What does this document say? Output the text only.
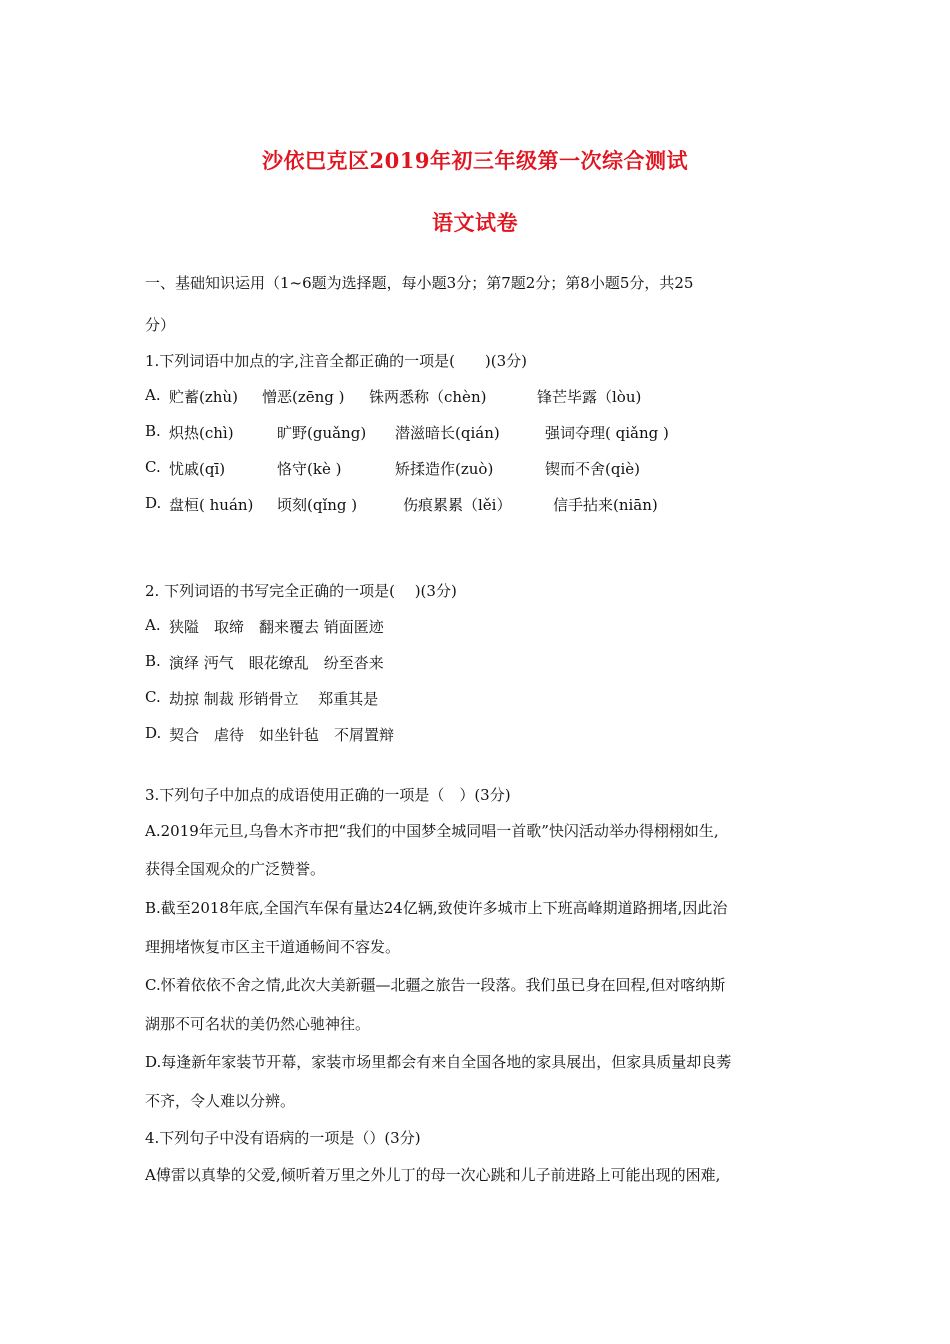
沙依巴克区2019年初三年级第一次综合测试
语文试卷
一、基础知识运用（1~6题为选择题，每小题3分；第7题2分；第8小题5分，共25
分）
1.下列词语中加点的字,注音全都正确的一项是(　　)(3分)
A. 贮蓄(zhù) 憎恶(zēng ) 铢两悉称（chèn)	锋芒毕露（lòu)
B. 炽热(chì)	旷野(guǎng) 潜滋暗长(qián)	强词夺理( qiǎng )
C. 忧戚(qī)	恪守(kè )	矫揉造作(zuò)	锲而不舍(qiè)
D. 盘桓( huán) 顷刻(qǐng )	伤痕累累（lěi）	信手拈来(niān)
2. 下列词语的书写完全正确的一项是(　 )(3分)
A. 狭隘　取缔　翻来覆去 销面匿迹
B. 演绎 沔气　眼花缭乱　纷至沓来
C. 劫掠 制裁 形销骨立　 郑重其是
D. 契合　虐待　如坐针毡　不屑置辩
3.下列句子中加点的成语使用正确的一项是（　）(3分)
A.2019年元旦,乌鲁木齐市把“我们的中国梦全城同唱一首歌”快闪活动举办得栩栩如生,
获得全国观众的广泛赞誉。
B.截至2018年底,全国汽车保有量达24亿辆,致使许多城市上下班高峰期道路拥堵,因此治
理拥堵恢复市区主干道通畅间不容发。
C.怀着依依不舍之情,此次大美新疆—北疆之旅告一段落。我们虽已身在回程,但对喀纳斯
湖那不可名状的美仍然心驰神往。
D.每逢新年家装节开幕，家装市场里都会有来自全国各地的家具展出，但家具质量却良莠
不齐，令人难以分辨。
4.下列句子中没有语病的一项是（）(3分)
A傅雷以真挚的父爱,倾听着万里之外儿丁的母一次心跳和儿子前进路上可能出现的困难,
